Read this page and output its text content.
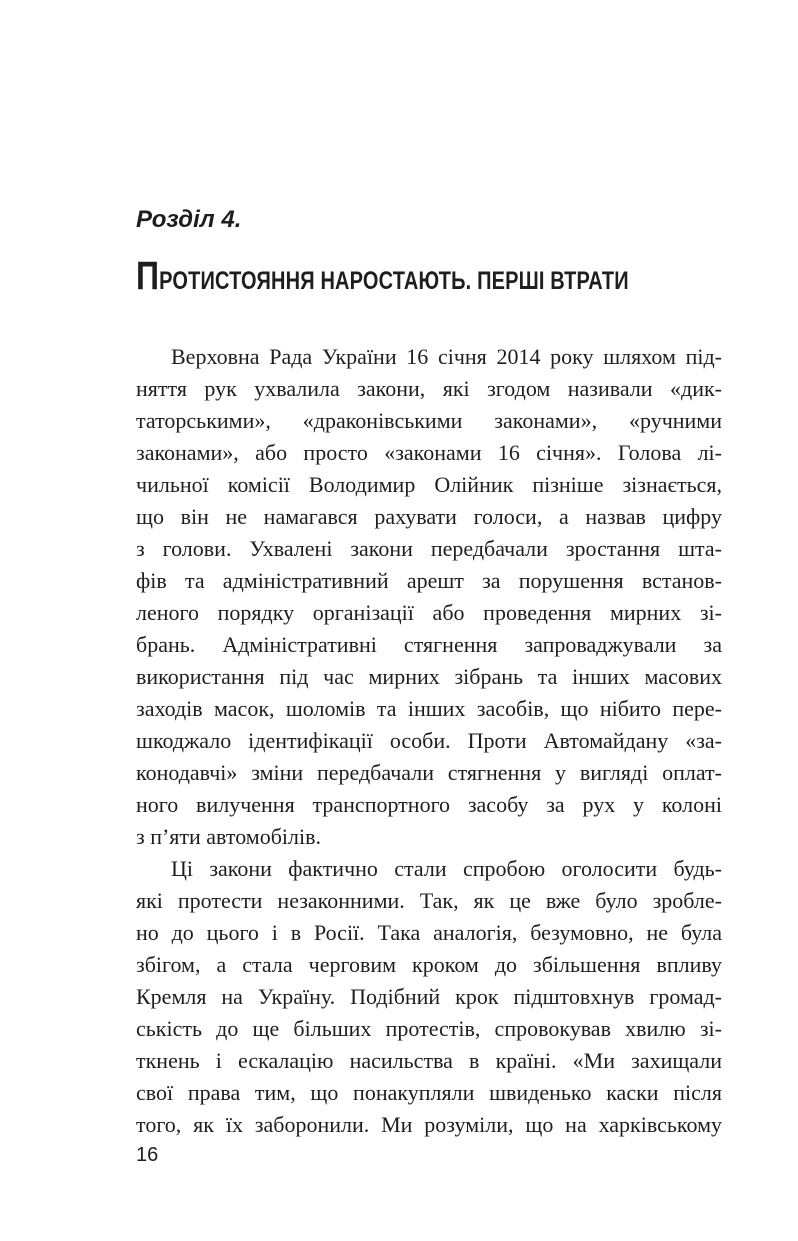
Розділ 4.
ПРОТИСТОЯННЯ НАРОСТАЮТЬ. ПЕРШІ ВТРАТИ
Верховна Рада України 16 січня 2014 року шляхом під-
няття рук ухвалила закони, які згодом називали «дик-
таторськими», «драконівськими законами», «ручними
законами», або просто «законами 16 січня». Голова лі-
чильної комісії Володимир Олійник пізніше зізнається,
що він не намагався рахувати голоси, а назвав цифру
з голови. Ухвалені закони передбачали зростання шта-
фів та адміністративний арешт за порушення встанов-
леного порядку організації або проведення мирних зі-
брань. Адміністративні стягнення запроваджували за
використання під час мирних зібрань та інших масових
заходів масок, шоломів та інших засобів, що нібито пере-
шкоджало ідентифікації особи. Проти Автомайдану «за-
конодавчі» зміни передбачали стягнення у вигляді оплат-
ного вилучення транспортного засобу за рух у колоні
з п’яти автомобілів.
Ці закони фактично стали спробою оголосити будь-
які протести незаконними. Так, як це вже було зробле-
но до цього і в Росії. Така аналогія, безумовно, не була
збігом, а стала черговим кроком до збільшення впливу
Кремля на Україну. Подібний крок підштовхнув громад-
ськість до ще більших протестів, спровокував хвилю зі-
ткнень і ескалацію насильства в країні. «Ми захищали
свої права тим, що понакупляли швиденько каски після
того, як їх заборонили. Ми розуміли, що на харківському
16
